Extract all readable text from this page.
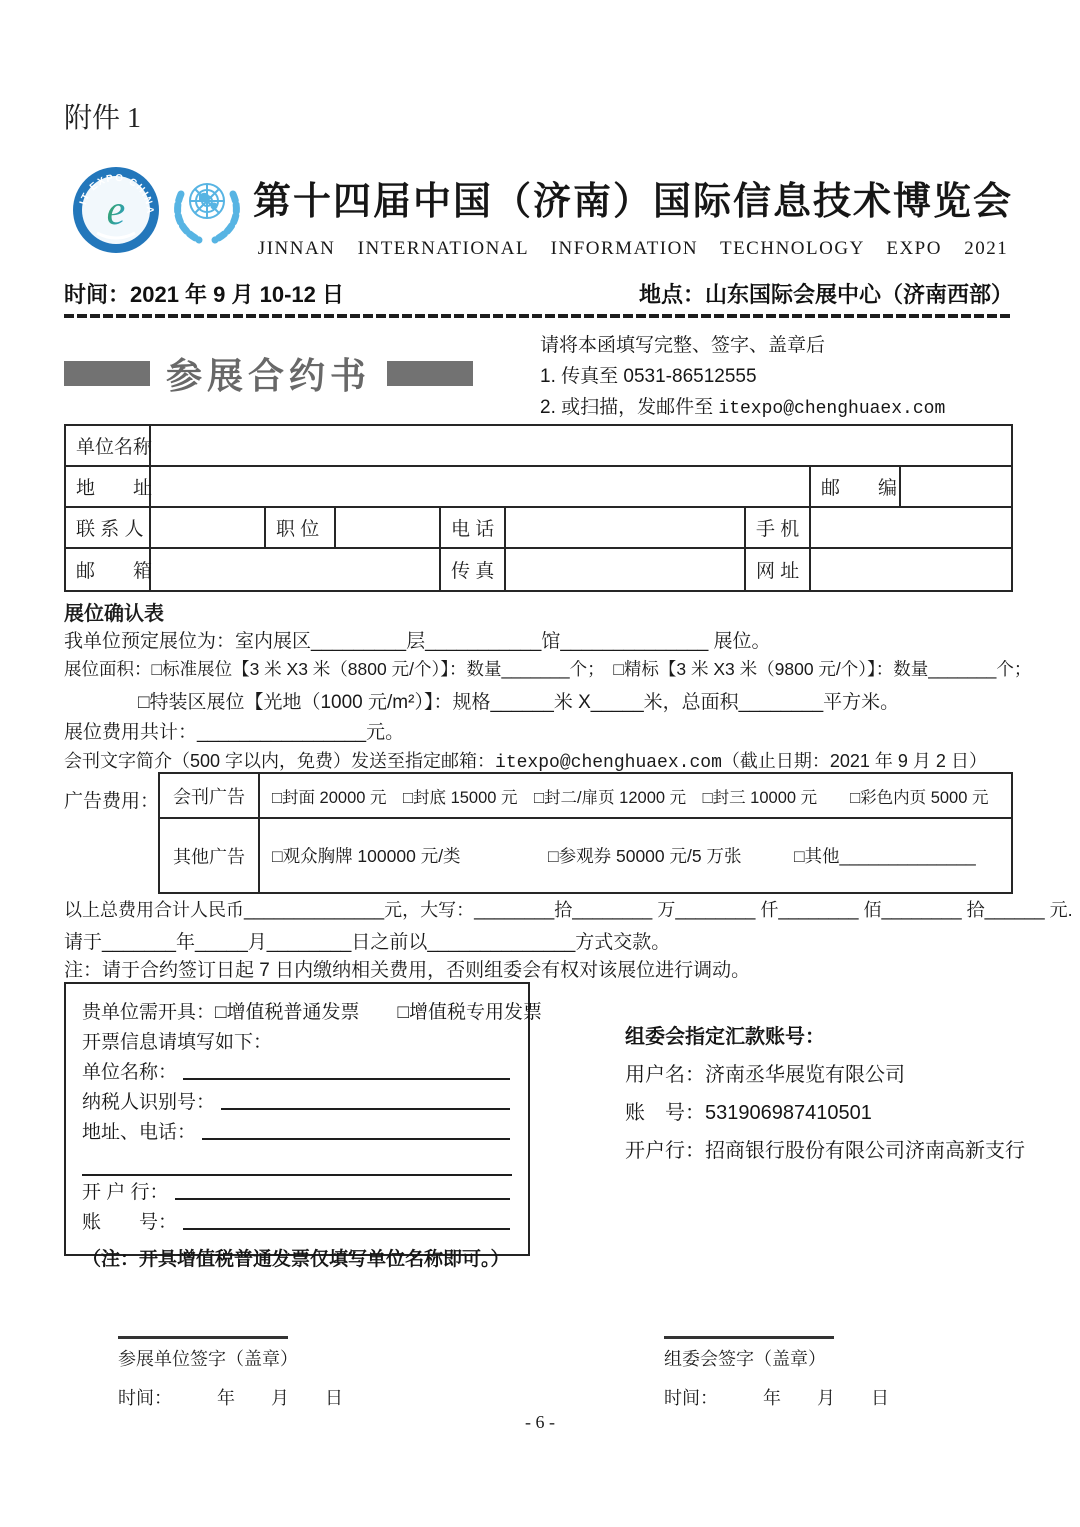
附件 1
IT EXPO CHINA
e	第十四届中国（济南）国际信息技术博览会
JINNAN INTERNATIONAL INFORMATION TECHNOLOGY EXPO 2021
时间：2021 年 9 月 10-12 日	地点：山东国际会展中心（济南西部）
参展合约书
请将本函填写完整、签字、盖章后
1. 传真至 0531-86512555
2. 或扫描，发邮件至 itexpo@chenghuaex.com
单位名称
地　　址	邮　　编
联 系 人	职 位	电 话	手 机
邮　　箱	传 真	网 址
展位确认表
我单位预定展位为：室内展区_________层___________馆______________ 展位。
展位面积：□标准展位【3 米 X3 米（8800 元/个）】：数量_______个；　□精标【3 米 X3 米（9800 元/个）】：数量_______个；
□特装区展位【光地（1000 元/m²）】：规格______米 X_____米，总面积________平方米。
展位费用共计：________________元。
会刊文字简介（500 字以内，免费）发送至指定邮箱：itexpo@chenghuaex.com（截止日期：2021 年 9 月 2 日）
广告费用： 会刊广告	□封面 20000 元　□封底 15000 元　□封二/扉页 12000 元　□封三 10000 元　　□彩色内页 5000 元
其他广告	□观众胸牌 100000 元/类　　　　　□参观券 50000 元/5 万张　　　□其他______________
以上总费用合计人民币______________元，大写：________拾________ 万________ 仟________ 佰________ 拾______ 元.
请于_______年_____月________日之前以______________方式交款。
注：请于合约签订日起 7 日内缴纳相关费用，否则组委会有权对该展位进行调动。
贵单位需开具：□增值税普通发票　　□增值税专用发票
开票信息请填写如下：
单位名称：
纳税人识别号：
地址、电话：
开 户 行：
账　　号：
（注：开具增值税普通发票仅填写单位名称即可。）
组委会指定汇款账号：
用户名：济南丞华展览有限公司
账　号：531906987410501
开户行：招商银行股份有限公司济南高新支行
参展单位签字（盖章）
时间：　　　年　　月　　日
组委会签字（盖章）
时间：　　　年　　月　　日
- 6 -
